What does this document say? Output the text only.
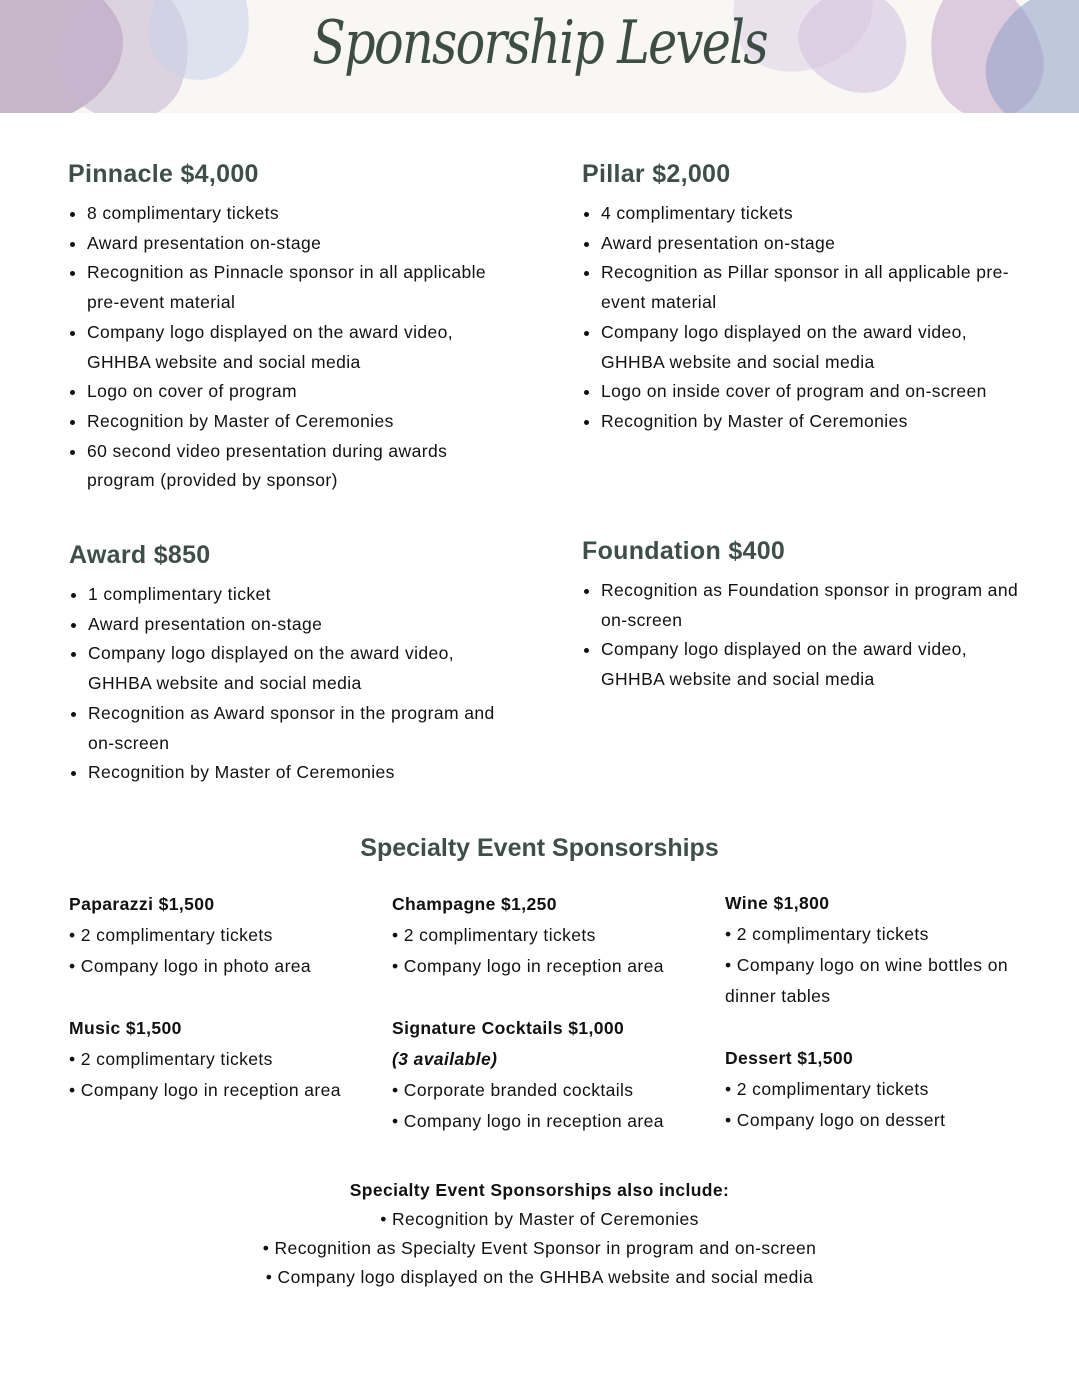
Sponsorship Levels
Pinnacle $4,000
• 8 complimentary tickets
• Award presentation on-stage
• Recognition as Pinnacle sponsor in all applicable pre-event material
• Company logo displayed on the award video, GHHBA website and social media
• Logo on cover of program
• Recognition by Master of Ceremonies
• 60 second video presentation during awards program (provided by sponsor)
Pillar $2,000
• 4 complimentary tickets
• Award presentation on-stage
• Recognition as Pillar sponsor in all applicable pre-event material
• Company logo displayed on the award video, GHHBA website and social media
• Logo on inside cover of program and on-screen
• Recognition by Master of Ceremonies
Award $850
• 1 complimentary ticket
• Award presentation on-stage
• Company logo displayed on the award video, GHHBA website and social media
• Recognition as Award sponsor in the program and on-screen
• Recognition by Master of Ceremonies
Foundation $400
• Recognition as Foundation sponsor in program and on-screen
• Company logo displayed on the award video, GHHBA website and social media
Specialty Event Sponsorships
Paparazzi $1,500
• 2 complimentary tickets
• Company logo in photo area
Music $1,500
• 2 complimentary tickets
• Company logo in reception area
Champagne $1,250
• 2 complimentary tickets
• Company logo in reception area
Signature Cocktails $1,000
(3 available)
• Corporate branded cocktails
• Company logo in reception area
Wine $1,800
• 2 complimentary tickets
• Company logo on wine bottles on dinner tables
Dessert $1,500
• 2 complimentary tickets
• Company logo on dessert
Specialty Event Sponsorships also include:
• Recognition by Master of Ceremonies
• Recognition as Specialty Event Sponsor in program and on-screen
• Company logo displayed on the GHHBA website and social media
